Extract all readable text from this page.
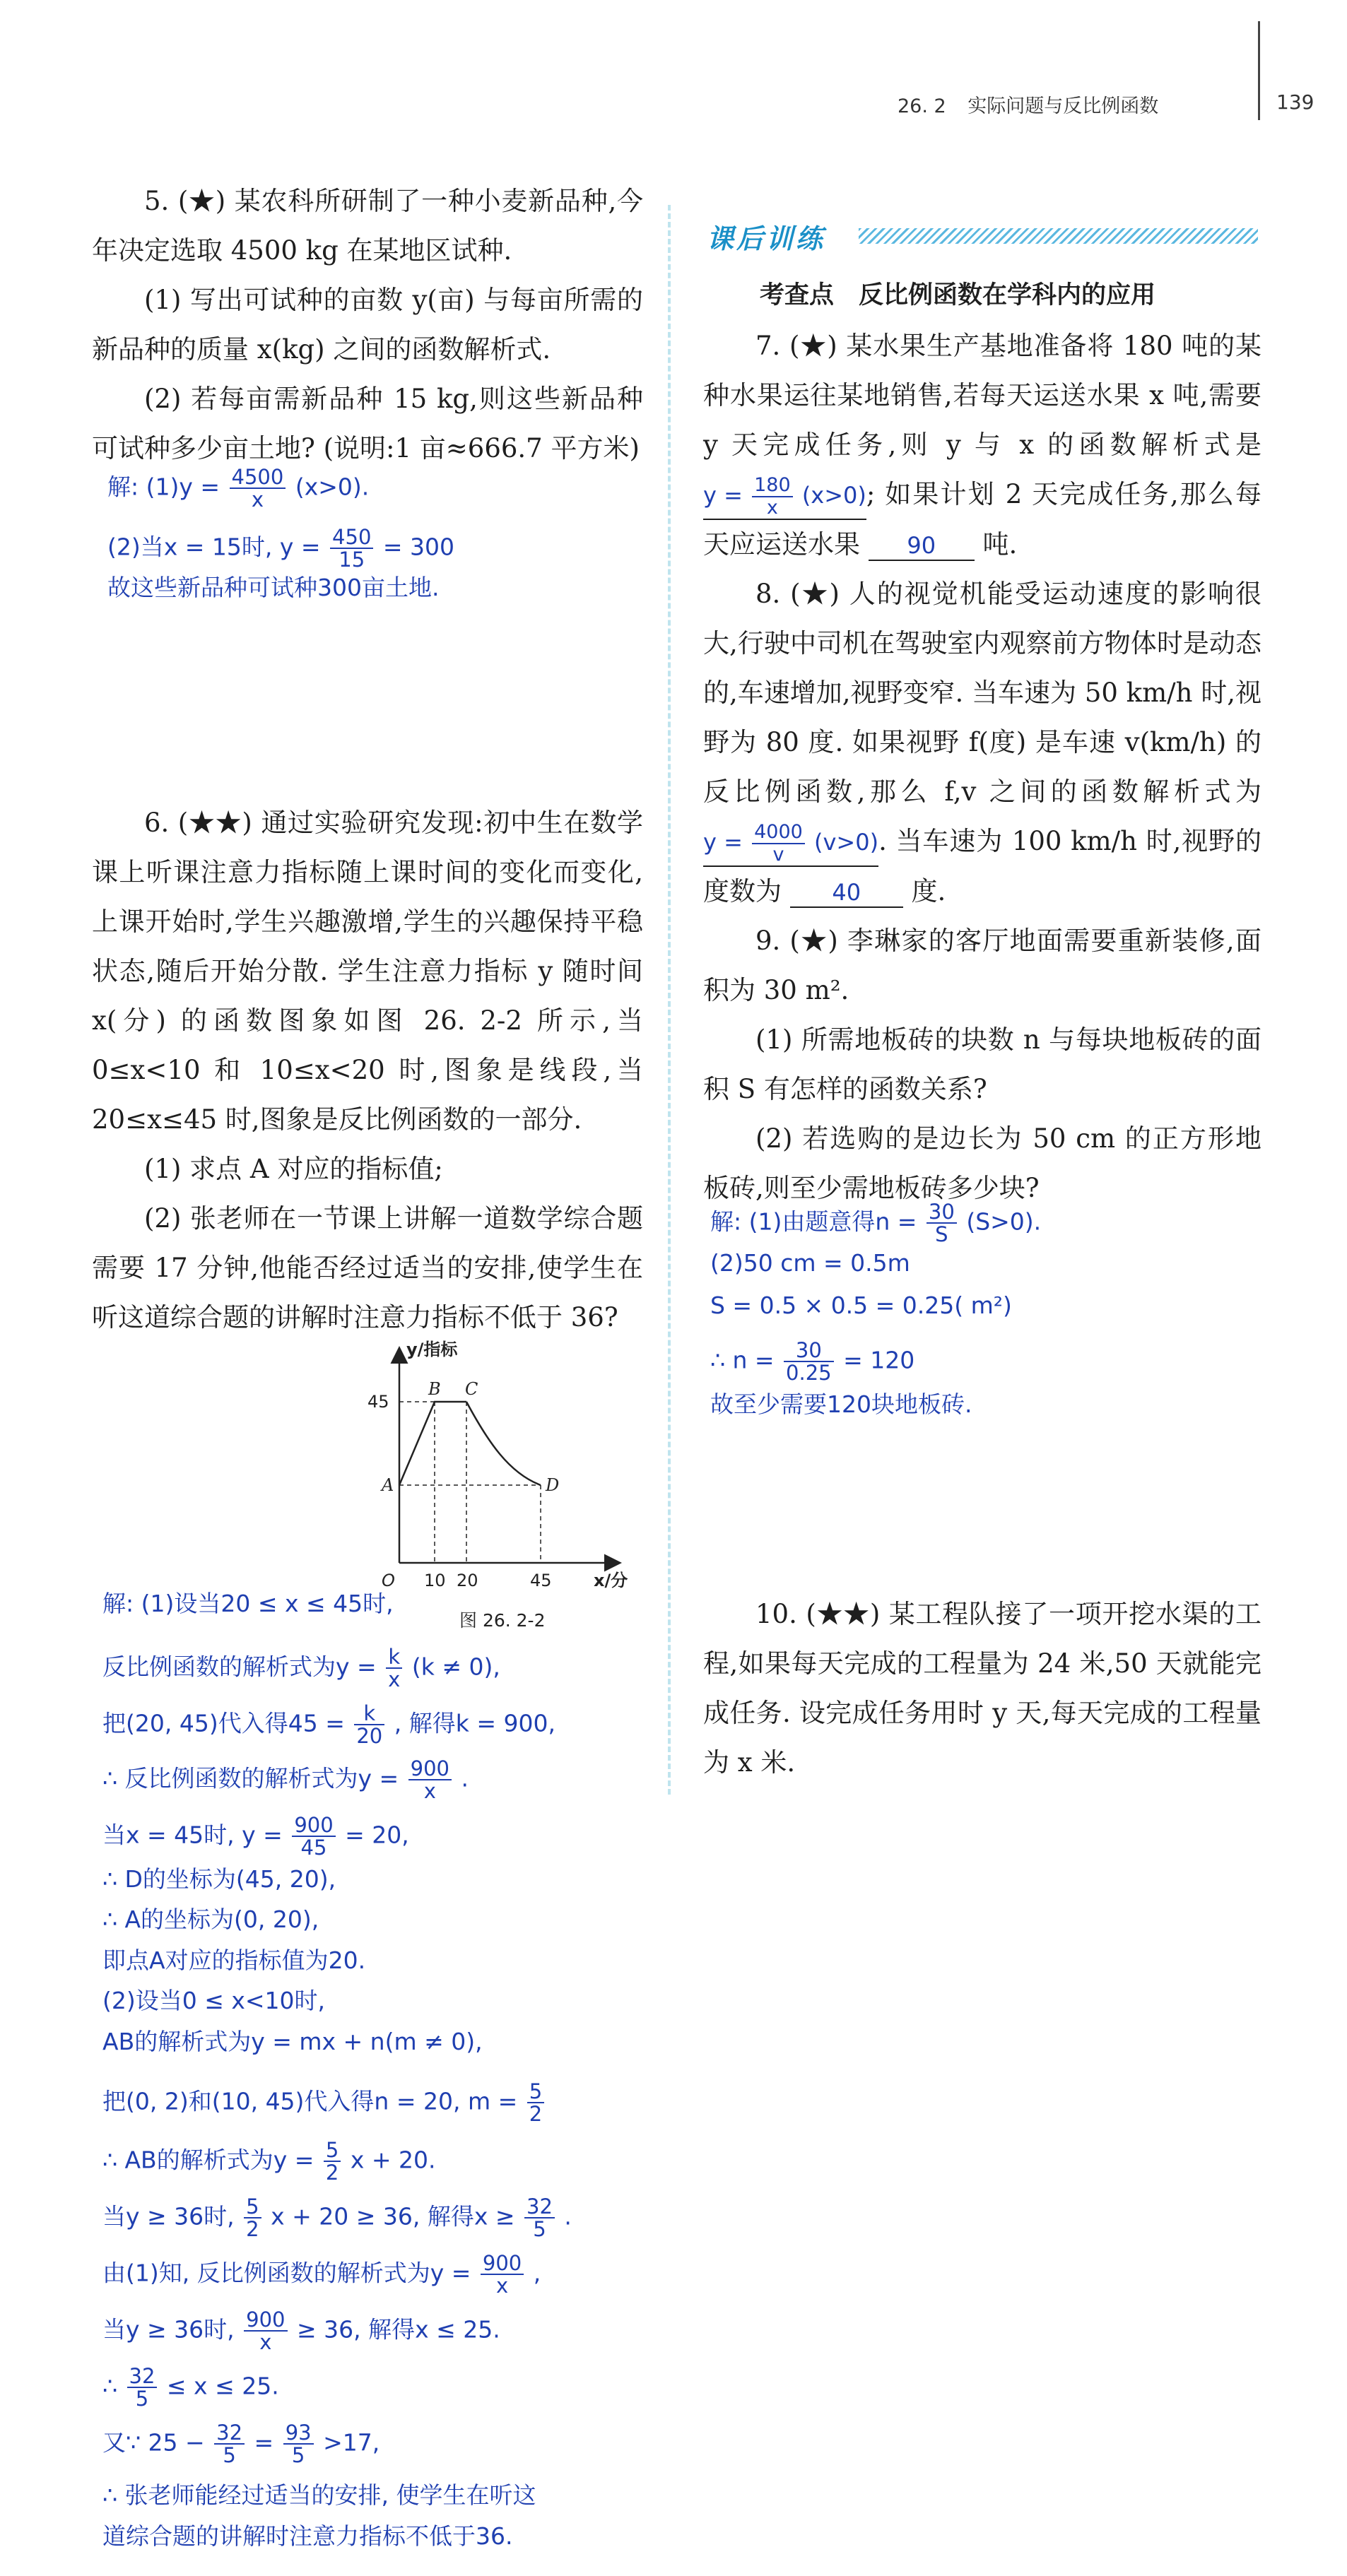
26. 2 实际问题与反比例函数	139

5. (★) 某农科所研制了一种小麦新品种,今年决定选取 4500 kg 在某地区试种.

(1) 写出可试种的亩数 y(亩) 与每亩所需的新品种的质量 x(kg) 之间的函数解析式.

(2) 若每亩需新品种 15 kg,则这些新品种可试种多少亩土地? (说明:1 亩≈666.7 平方米)

解: $(1)y = \frac{4500}{x} (x>0)$.
(2)当x = 15时, $y = \frac{450}{15} = 300$
故这些新品种可试种300亩土地.

6. (★★) 通过实验研究发现:初中生在数学课上听课注意力指标随上课时间的变化而变化,上课开始时,学生兴趣激增,学生的兴趣保持平稳状态,随后开始分散. 学生注意力指标 y 随时间 x(分) 的函数图象如图 26. 2-2 所示,当 0≤x<10 和 10≤x<20 时,图象是线段,当 20≤x≤45 时,图象是反比例函数的一部分.

(1) 求点 A 对应的指标值;

(2) 张老师在一节课上讲解一道数学综合题需要 17 分钟,他能否经过适当的安排,使学生在听这道综合题的讲解时注意力指标不低于 36?

y/指标
x/分
O
45
10 20	45
A
B C
D
图 26. 2-2
解: (1)设当20 ≤ x ≤ 45时,
反比例函数的解析式为$y = \frac{k}{x} (k \ne 0)$,
把(20, 45)代入得$45 = \frac{k}{20}$ , 解得k = 900,
∴ 反比例函数的解析式为$y = \frac{900}{x}$ .
当x = 45时, $y = \frac{900}{45} = 20$,
∴ D的坐标为(45, 20),
∴ A的坐标为(0, 20),
即点A对应的指标值为20.
(2)设当0 ≤ x<10时,
AB的解析式为y = mx + n(m ≠ 0),
把(0, 2)和(10, 45)代入得n = 20, $m = \frac{5}{2}$
∴ AB的解析式为$y = \frac{5}{2}$ x + 20.
当y ≥ 36时, $\frac{5}{2}$ x + 20 ≥ 36, 解得$x \ge \frac{32}{5}$ .
由(1)知, 反比例函数的解析式为$y = \frac{900}{x}$ ,
当y ≥ 36时, $\frac{900}{x} \ge 36$, 解得x ≤ 25.
∴ $\frac{32}{5} \le x \le 25$.
又∵ $25 - \frac{32}{5} = \frac{93}{5} >17$,
∴ 张老师能经过适当的安排, 使学生在听这
道综合题的讲解时注意力指标不低于36.
课后训练
考查点　反比例函数在学科内的应用

7. (★) 某水果生产基地准备将 180 吨的某种水果运往某地销售,若每天运送水果 x 吨,需要 y 天完成任务,则 y 与 x 的函数解析式是 $y = \frac{180}{x} (x>0)$; 如果计划 2 天完成任务,那么每天应运送水果 90 吨.

8. (★) 人的视觉机能受运动速度的影响很大,行驶中司机在驾驶室内观察前方物体时是动态的,车速增加,视野变窄. 当车速为 50 km/h 时,视野为 80 度. 如果视野 f(度) 是车速 v(km/h) 的反比例函数,那么 f,v 之间的函数解析式为 $y = \frac{4000}{v} (v>0)$. 当车速为 100 km/h 时,视野的度数为 40 度.

9. (★) 李琳家的客厅地面需要重新装修,面积为 30 m².

(1) 所需地板砖的块数 n 与每块地板砖的面积 S 有怎样的函数关系?

(2) 若选购的是边长为 50 cm 的正方形地板砖,则至少需地板砖多少块?

解: (1)由题意得$n = \frac{30}{S} (S>0)$.
(2)50 cm = 0.5m
S = 0.5 × 0.5 = 0.25( m²)
∴ $n = \frac{30}{0.25} = 120$
故至少需要120块地板砖.

10. (★★) 某工程队接了一项开挖水渠的工程,如果每天完成的工程量为 24 米,50 天就能完成任务. 设完成任务用时 y 天,每天完成的工程量为 x 米.
